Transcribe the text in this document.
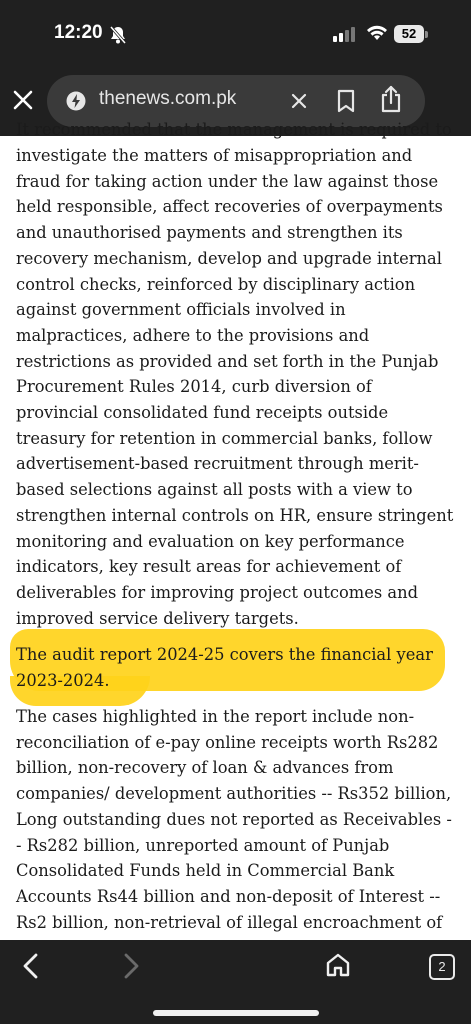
12:20	52
thenews.com.pk
It recommended that the management is required to

investigate the matters of misappropriation and fraud for taking action under the law against those held responsible, affect recoveries of overpayments and unauthorised payments and strengthen its recovery mechanism, develop and upgrade internal control checks, reinforced by disciplinary action against government officials involved in malpractices, adhere to the provisions and restrictions as provided and set forth in the Punjab Procurement Rules 2014, curb diversion of provincial consolidated fund receipts outside treasury for retention in commercial banks, follow advertisement-based recruitment through merit-based selections against all posts with a view to strengthen internal controls on HR, ensure stringent monitoring and evaluation on key performance indicators, key result areas for achievement of deliverables for improving project outcomes and improved service delivery targets.

The audit report 2024-25 covers the financial year 2023-2024.

The cases highlighted in the report include non-reconciliation of e-pay online receipts worth Rs282 billion, non-recovery of loan & advances from companies/ development authorities -- Rs352 billion, Long outstanding dues not reported as Receivables -- Rs282 billion, unreported amount of Punjab Consolidated Funds held in Commercial Bank Accounts Rs44 billion and non-deposit of Interest -- Rs2 billion, non-retrieval of illegal encroachment of

2
